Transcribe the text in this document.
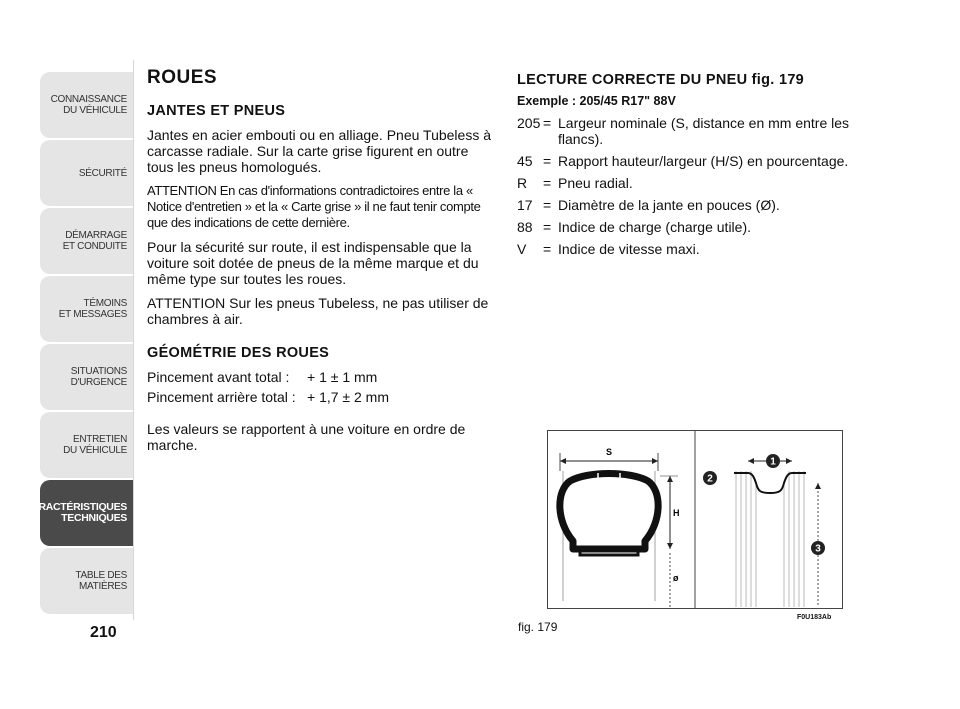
CONNAISSANCE
DU VÉHICULE
SÉCURITÉ
DÉMARRAGE
ET CONDUITE
TÉMOINS
ET MESSAGES
SITUATIONS
D'URGENCE
ENTRETIEN
DU VÉHICULE
CARACTÉRISTIQUES
TECHNIQUES
TABLE DES
MATIÈRES
210
ROUES
JANTES ET PNEUS
Jantes en acier embouti ou en alliage. Pneu Tubeless à carcasse radiale. Sur la carte grise figurent en outre tous les pneus homologués.
ATTENTION En cas d'informations contradictoires entre la « Notice d'entretien » et la « Carte grise » il ne faut tenir compte que des indications de cette dernière.
Pour la sécurité sur route, il est indispensable que la voiture soit dotée de pneus de la même marque et du même type sur toutes les roues.
ATTENTION Sur les pneus Tubeless, ne pas utiliser de chambres à air.
GÉOMÉTRIE DES ROUES
Pincement avant total :	+ 1 ± 1 mm
Pincement arrière total : + 1,7 ± 2 mm
Les valeurs se rapportent à une voiture en ordre de marche.
LECTURE CORRECTE DU PNEU fig. 179
Exemple : 205/45 R17" 88V
205 = Largeur nominale (S, distance en mm entre les flancs).
45 = Rapport hauteur/largeur (H/S) en pourcentage.
R	= Pneu radial.
17 = Diamètre de la jante en pouces (Ø).
88 = Indice de charge (charge utile).
V	= Indice de vitesse maxi.
S
H
ø
1
2
3
fig. 179
F0U183Ab
